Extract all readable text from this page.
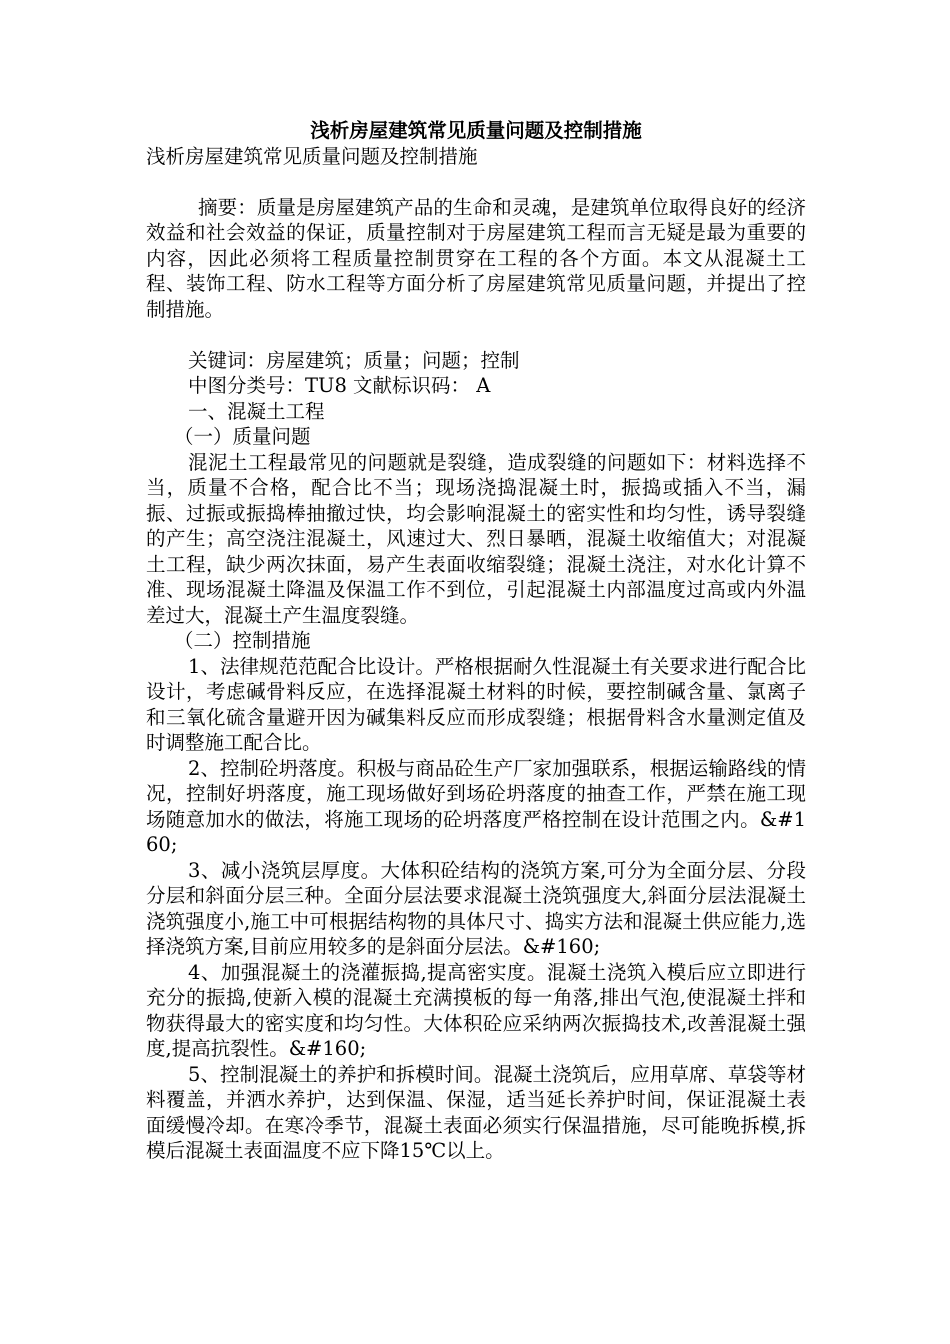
浅析房屋建筑常见质量问题及控制措施
浅析房屋建筑常见质量问题及控制措施

摘要：质量是房屋建筑产品的生命和灵魂，是建筑单位取得良好的经济效益和社会效益的保证，质量控制对于房屋建筑工程而言无疑是最为重要的内容，因此必须将工程质量控制贯穿在工程的各个方面。本文从混凝土工程、装饰工程、防水工程等方面分析了房屋建筑常见质量问题，并提出了控制措施。

关键词：房屋建筑；质量；问题；控制
中图分类号：TU8 文献标识码： A
一、混凝土工程
（一）质量问题

混泥土工程最常见的问题就是裂缝，造成裂缝的问题如下：材料选择不当，质量不合格，配合比不当；现场浇捣混凝土时，振捣或插入不当，漏振、过振或振捣棒抽撤过快，均会影响混凝土的密实性和均匀性，诱导裂缝的产生；高空浇注混凝土，风速过大、烈日暴晒，混凝土收缩值大；对混凝土工程，缺少两次抹面，易产生表面收缩裂缝；混凝土浇注，对水化计算不准、现场混凝土降温及保温工作不到位，引起混凝土内部温度过高或内外温差过大，混凝土产生温度裂缝。

（二）控制措施

1、法律规范范配合比设计。严格根据耐久性混凝土有关要求进行配合比设计，考虑碱骨料反应，在选择混凝土材料的时候，要控制碱含量、氯离子和三氧化硫含量避开因为碱集料反应而形成裂缝；根据骨料含水量测定值及时调整施工配合比。

2、控制砼坍落度。积极与商品砼生产厂家加强联系，根据运输路线的情况，控制好坍落度，施工现场做好到场砼坍落度的抽查工作，严禁在施工现场随意加水的做法，将施工现场的砼坍落度严格控制在设计范围之内。&#160;

3、减小浇筑层厚度。大体积砼结构的浇筑方案,可分为全面分层、分段分层和斜面分层三种。全面分层法要求混凝土浇筑强度大,斜面分层法混凝土浇筑强度小,施工中可根据结构物的具体尺寸、捣实方法和混凝土供应能力,选择浇筑方案,目前应用较多的是斜面分层法。&#160;

4、加强混凝土的浇灌振捣,提高密实度。混凝土浇筑入模后应立即进行充分的振捣,使新入模的混凝土充满摸板的每一角落,排出气泡,使混凝土拌和物获得最大的密实度和均匀性。大体积砼应采纳两次振捣技术,改善混凝土强度,提高抗裂性。&#160;

5、控制混凝土的养护和拆模时间。混凝土浇筑后，应用草席、草袋等材料覆盖，并洒水养护，达到保温、保湿，适当延长养护时间，保证混凝土表面缓慢冷却。在寒冷季节，混凝土表面必须实行保温措施，尽可能晚拆模,拆模后混凝土表面温度不应下降15℃以上。
